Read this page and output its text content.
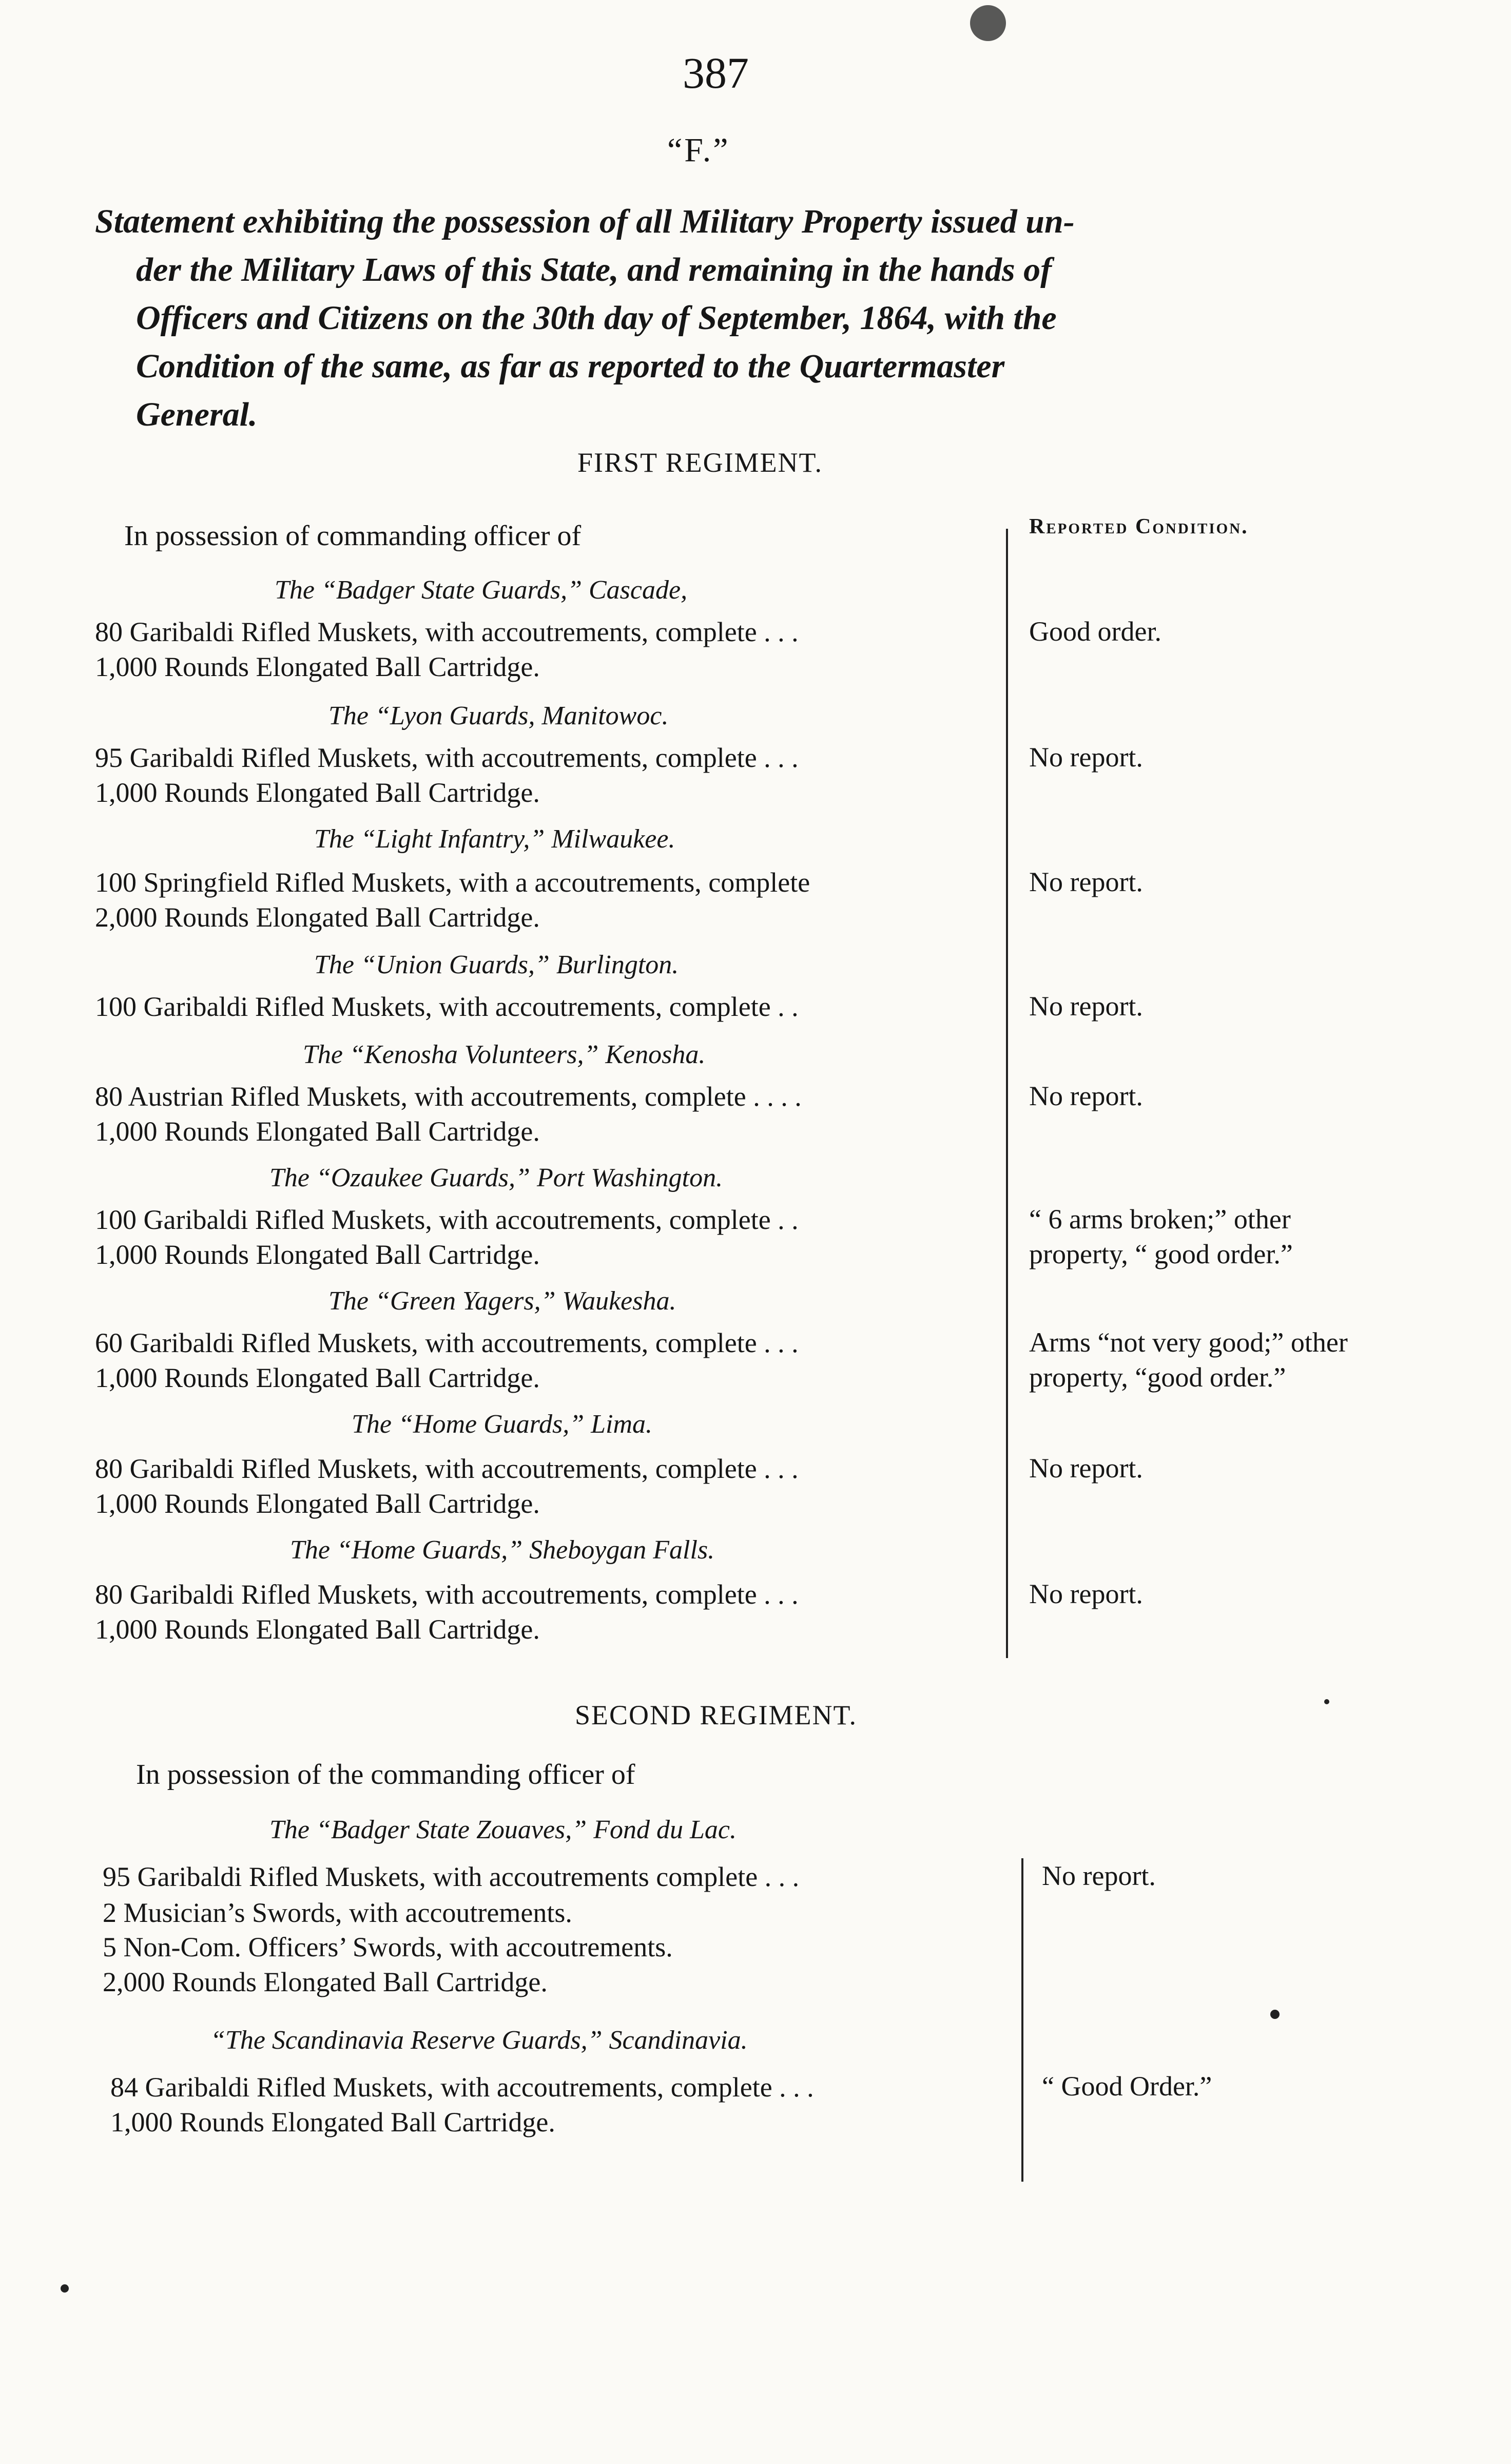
387
“F.”
Statement exhibiting the possession of all Military Property issued un-
der the Military Laws of this State, and remaining in the hands of
Officers and Citizens on the 30th day of September, 1864, with the
Condition of the same, as far as reported to the Quartermaster
General.
FIRST REGIMENT.
In possession of commanding officer of	Reported Condition.
The “Badger State Guards,” Cascade,
80 Garibaldi Rifled Muskets, with accoutrements, complete . . .
1,000 Rounds Elongated Ball Cartridge.
Good order.
The “Lyon Guards, Manitowoc.
95 Garibaldi Rifled Muskets, with accoutrements, complete . . .
1,000 Rounds Elongated Ball Cartridge.
No report.
The “Light Infantry,” Milwaukee.
100 Springfield Rifled Muskets, with a accoutrements, complete
2,000 Rounds Elongated Ball Cartridge.
No report.
The “Union Guards,” Burlington.
100 Garibaldi Rifled Muskets, with accoutrements, complete . .	No report.
The “Kenosha Volunteers,” Kenosha.
80 Austrian Rifled Muskets, with accoutrements, complete . . . .
1,000 Rounds Elongated Ball Cartridge.
No report.
The “Ozaukee Guards,” Port Washington.
100 Garibaldi Rifled Muskets, with accoutrements, complete . .
1,000 Rounds Elongated Ball Cartridge.
“ 6 arms broken;” other property, “ good order.”
The “Green Yagers,” Waukesha.
60 Garibaldi Rifled Muskets, with accoutrements, complete . . .
1,000 Rounds Elongated Ball Cartridge.
Arms “not very good;” other property, “good order.”
The “Home Guards,” Lima.
80 Garibaldi Rifled Muskets, with accoutrements, complete . . .
1,000 Rounds Elongated Ball Cartridge.
No report.
The “Home Guards,” Sheboygan Falls.
80 Garibaldi Rifled Muskets, with accoutrements, complete . . .
1,000 Rounds Elongated Ball Cartridge.
No report.
SECOND REGIMENT.
In possession of the commanding officer of
The “Badger State Zouaves,” Fond du Lac.
95 Garibaldi Rifled Muskets, with accoutrements complete . . .
2 Musician’s Swords, with accoutrements.
5 Non-Com. Officers’ Swords, with accoutrements.
2,000 Rounds Elongated Ball Cartridge.
No report.
“The Scandinavia Reserve Guards,” Scandinavia.
84 Garibaldi Rifled Muskets, with accoutrements, complete . . .
1,000 Rounds Elongated Ball Cartridge.
“ Good Order.”
